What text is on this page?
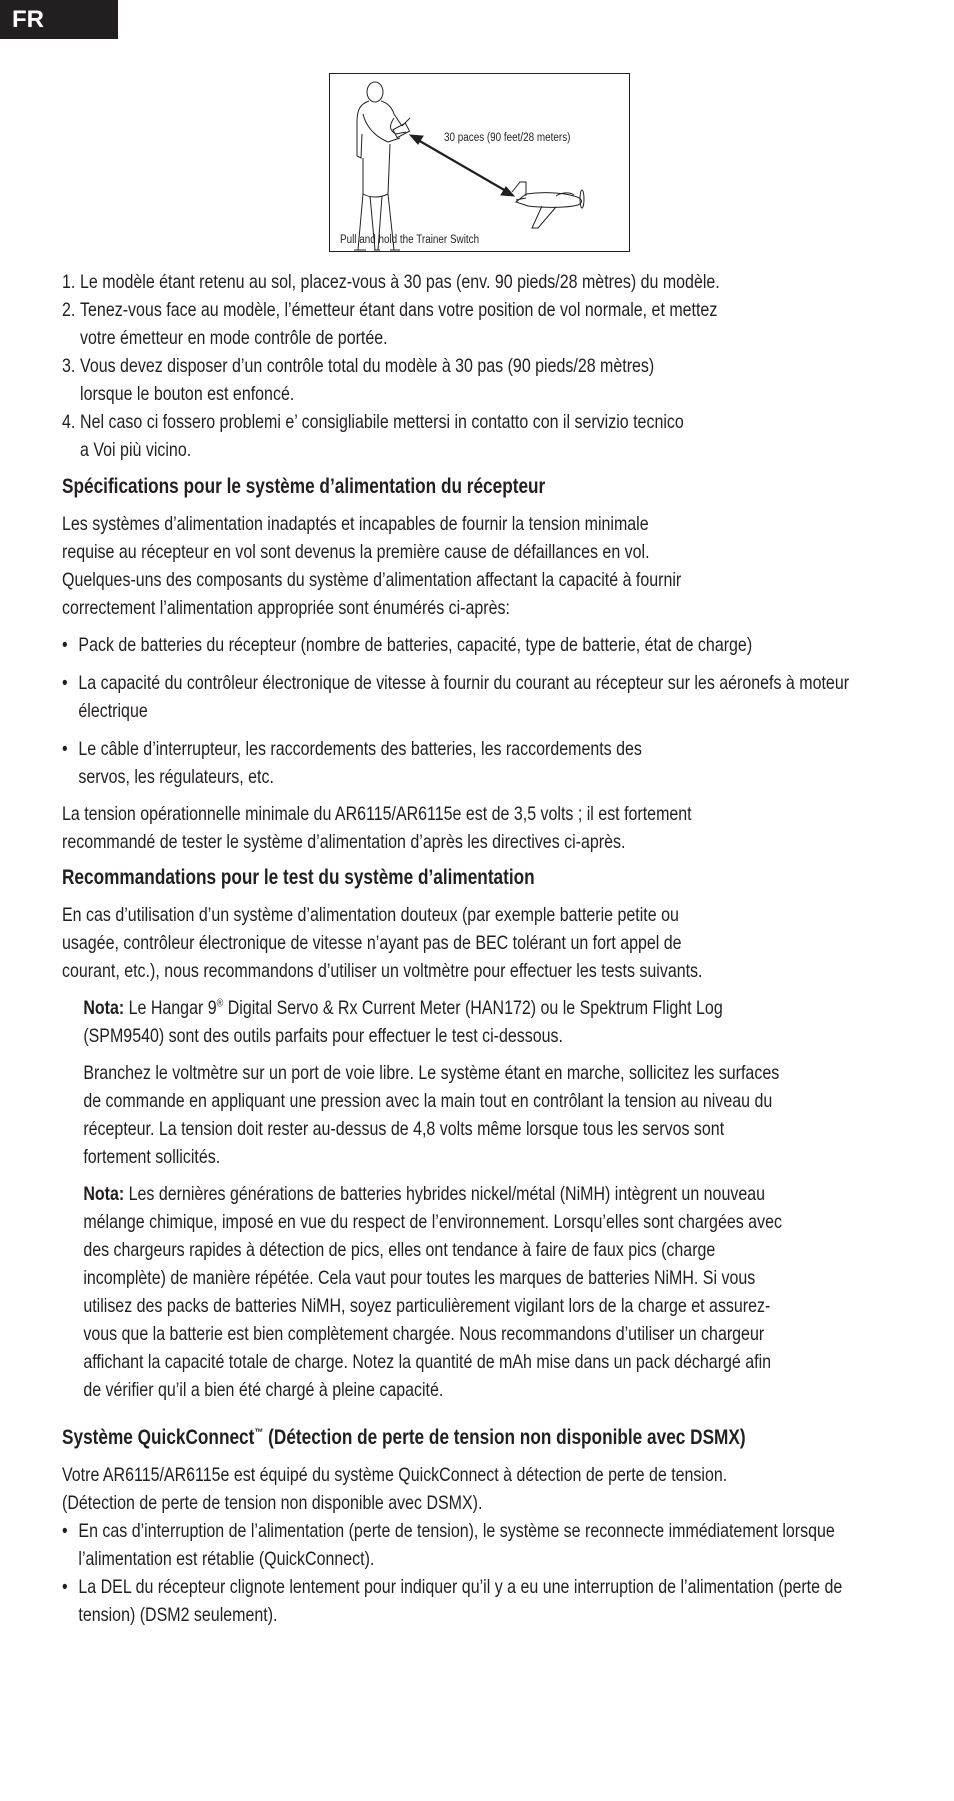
FR
30 paces (90 feet/28 meters)
Pull and hold the Trainer Switch
1. Le modèle étant retenu au sol, placez-vous à 30 pas (env. 90 pieds/28 mètres) du modèle.
2. Tenez-vous face au modèle, l’émetteur étant dans votre position de vol normale, et mettez votre émetteur en mode contrôle de portée.
3. Vous devez disposer d’un contrôle total du modèle à 30 pas (90 pieds/28 mètres) lorsque le bouton est enfoncé.
4. Nel caso ci fossero problemi e’ consigliabile mettersi in contatto con il servizio tecnico a Voi più vicino.
Spécifications pour le système d’alimentation du récepteur

Les systèmes d’alimentation inadaptés et incapables de fournir la tension minimale requise au récepteur en vol sont devenus la première cause de défaillances en vol. Quelques-uns des composants du système d’alimentation affectant la capacité à fournir correctement l’alimentation appropriée sont énumérés ci-après:

• Pack de batteries du récepteur (nombre de batteries, capacité, type de batterie, état de charge)
• La capacité du contrôleur électronique de vitesse à fournir du courant au récepteur sur les aéronefs à moteur électrique
• Le câble d’interrupteur, les raccordements des batteries, les raccordements des servos, les régulateurs, etc.

La tension opérationnelle minimale du AR6115/AR6115e est de 3,5 volts ; il est fortement recommandé de tester le système d’alimentation d’après les directives ci-après.

Recommandations pour le test du système d’alimentation

En cas d’utilisation d’un système d’alimentation douteux (par exemple batterie petite ou usagée, contrôleur électronique de vitesse n’ayant pas de BEC tolérant un fort appel de courant, etc.), nous recommandons d’utiliser un voltmètre pour effectuer les tests suivants.

Nota: Le Hangar 9® Digital Servo & Rx Current Meter (HAN172) ou le Spektrum Flight Log (SPM9540) sont des outils parfaits pour effectuer le test ci-dessous.

Branchez le voltmètre sur un port de voie libre. Le système étant en marche, sollicitez les surfaces de commande en appliquant une pression avec la main tout en contrôlant la tension au niveau du récepteur. La tension doit rester au-dessus de 4,8 volts même lorsque tous les servos sont fortement sollicités.

Nota: Les dernières générations de batteries hybrides nickel/métal (NiMH) intègrent un nouveau mélange chimique, imposé en vue du respect de l’environnement. Lorsqu’elles sont chargées avec des chargeurs rapides à détection de pics, elles ont tendance à faire de faux pics (charge incomplète) de manière répétée. Cela vaut pour toutes les marques de batteries NiMH. Si vous utilisez des packs de batteries NiMH, soyez particulièrement vigilant lors de la charge et assurez-vous que la batterie est bien complètement chargée. Nous recommandons d’utiliser un chargeur affichant la capacité totale de charge. Notez la quantité de mAh mise dans un pack déchargé afin de vérifier qu’il a bien été chargé à pleine capacité.
Système QuickConnect™ (Détection de perte de tension non disponible avec DSMX)

Votre AR6115/AR6115e est équipé du système QuickConnect à détection de perte de tension. (Détection de perte de tension non disponible avec DSMX).

• En cas d’interruption de l’alimentation (perte de tension), le système se reconnecte immédiatement lorsque l’alimentation est rétablie (QuickConnect).
• La DEL du récepteur clignote lentement pour indiquer qu’il y a eu une interruption de l’alimentation (perte de tension) (DSM2 seulement).
